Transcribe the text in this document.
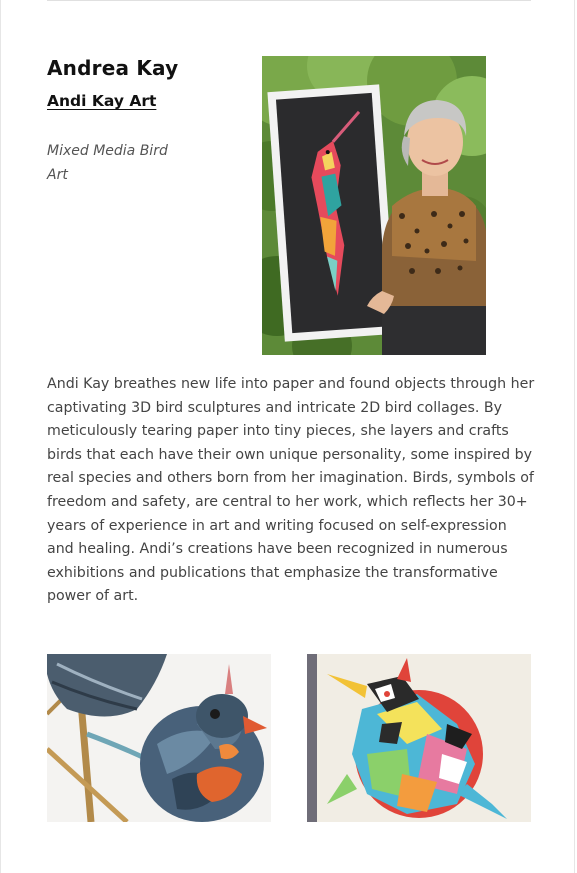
Andrea Kay
Andi Kay Art

Mixed Media Bird Art

Andi Kay breathes new life into paper and found objects through her captivating 3D bird sculptures and intricate 2D bird collages. By meticulously tearing paper into tiny pieces, she layers and crafts birds that each have their own unique personality, some inspired by real species and others born from her imagination. Birds, symbols of freedom and safety, are central to her work, which reflects her 30+ years of experience in art and writing focused on self-expression and healing. Andi’s creations have been recognized in numerous exhibitions and publications that emphasize the transformative power of art.
